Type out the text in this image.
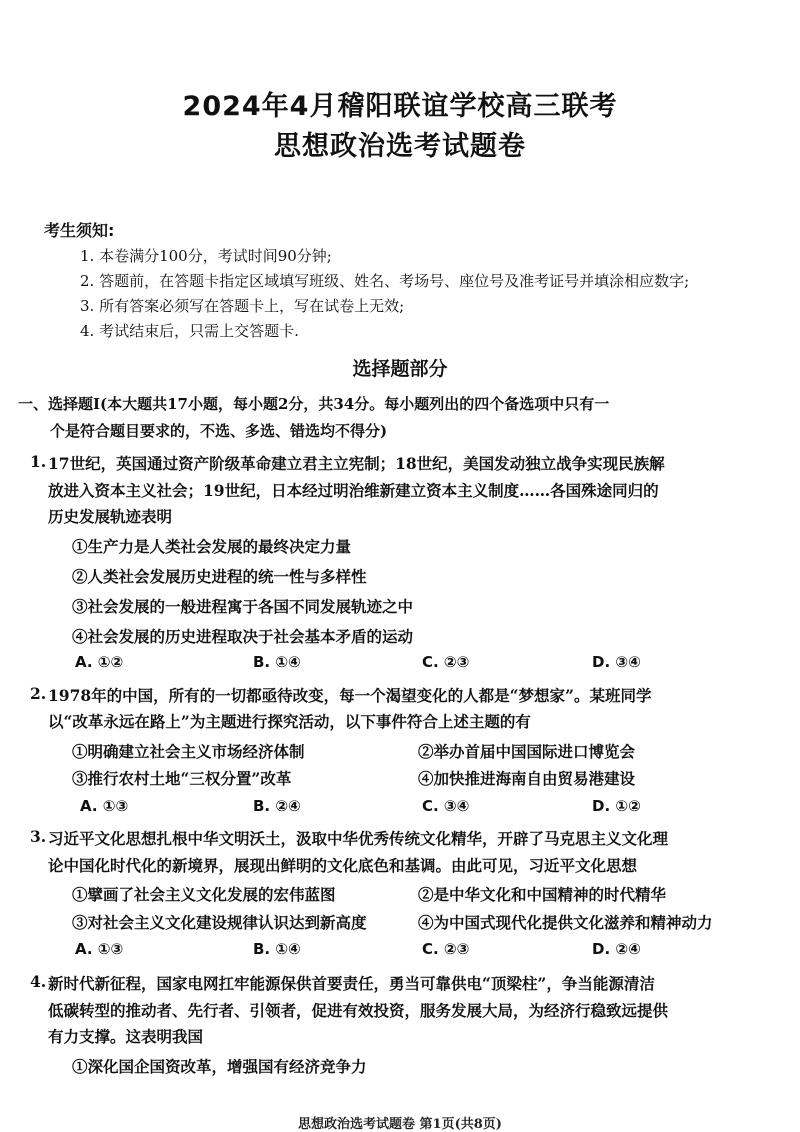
2024年4月稽阳联谊学校高三联考
思想政治选考试题卷
考生须知:
1. 本卷满分100分，考试时间90分钟;
2. 答题前，在答题卡指定区域填写班级、姓名、考场号、座位号及准考证号并填涂相应数字;
3. 所有答案必须写在答题卡上，写在试卷上无效;
4. 考试结束后，只需上交答题卡.
选择题部分
一、选择题Ⅰ(本大题共17小题，每小题2分，共34分。每小题列出的四个备选项中只有一
个是符合题目要求的，不选、多选、错选均不得分)
1. 17世纪，英国通过资产阶级革命建立君主立宪制；18世纪，美国发动独立战争实现民族解
放进入资本主义社会；19世纪，日本经过明治维新建立资本主义制度……各国殊途同归的
历史发展轨迹表明
①生产力是人类社会发展的最终决定力量
②人类社会发展历史进程的统一性与多样性
③社会发展的一般进程寓于各国不同发展轨迹之中
④社会发展的历史进程取决于社会基本矛盾的运动
A. ①②	B. ①④	C. ②③	D. ③④
2. 1978年的中国，所有的一切都亟待改变，每一个渴望变化的人都是“梦想家”。某班同学
以“改革永远在路上”为主题进行探究活动，以下事件符合上述主题的有
①明确建立社会主义市场经济体制	②举办首届中国国际进口博览会
③推行农村土地“三权分置”改革	④加快推进海南自由贸易港建设
A. ①③	B. ②④	C. ③④	D. ①②
3. 习近平文化思想扎根中华文明沃土，汲取中华优秀传统文化精华，开辟了马克思主义文化理
论中国化时代化的新境界，展现出鲜明的文化底色和基调。由此可见，习近平文化思想
①擘画了社会主义文化发展的宏伟蓝图	②是中华文化和中国精神的时代精华
③对社会主义文化建设规律认识达到新高度	④为中国式现代化提供文化滋养和精神动力
A. ①③	B. ①④	C. ②③	D. ②④
4. 新时代新征程，国家电网扛牢能源保供首要责任，勇当可靠供电“顶梁柱”，争当能源清洁
低碳转型的推动者、先行者、引领者，促进有效投资，服务发展大局，为经济行稳致远提供
有力支撑。这表明我国
①深化国企国资改革，增强国有经济竞争力
思想政治选考试题卷 第1页(共8页)
